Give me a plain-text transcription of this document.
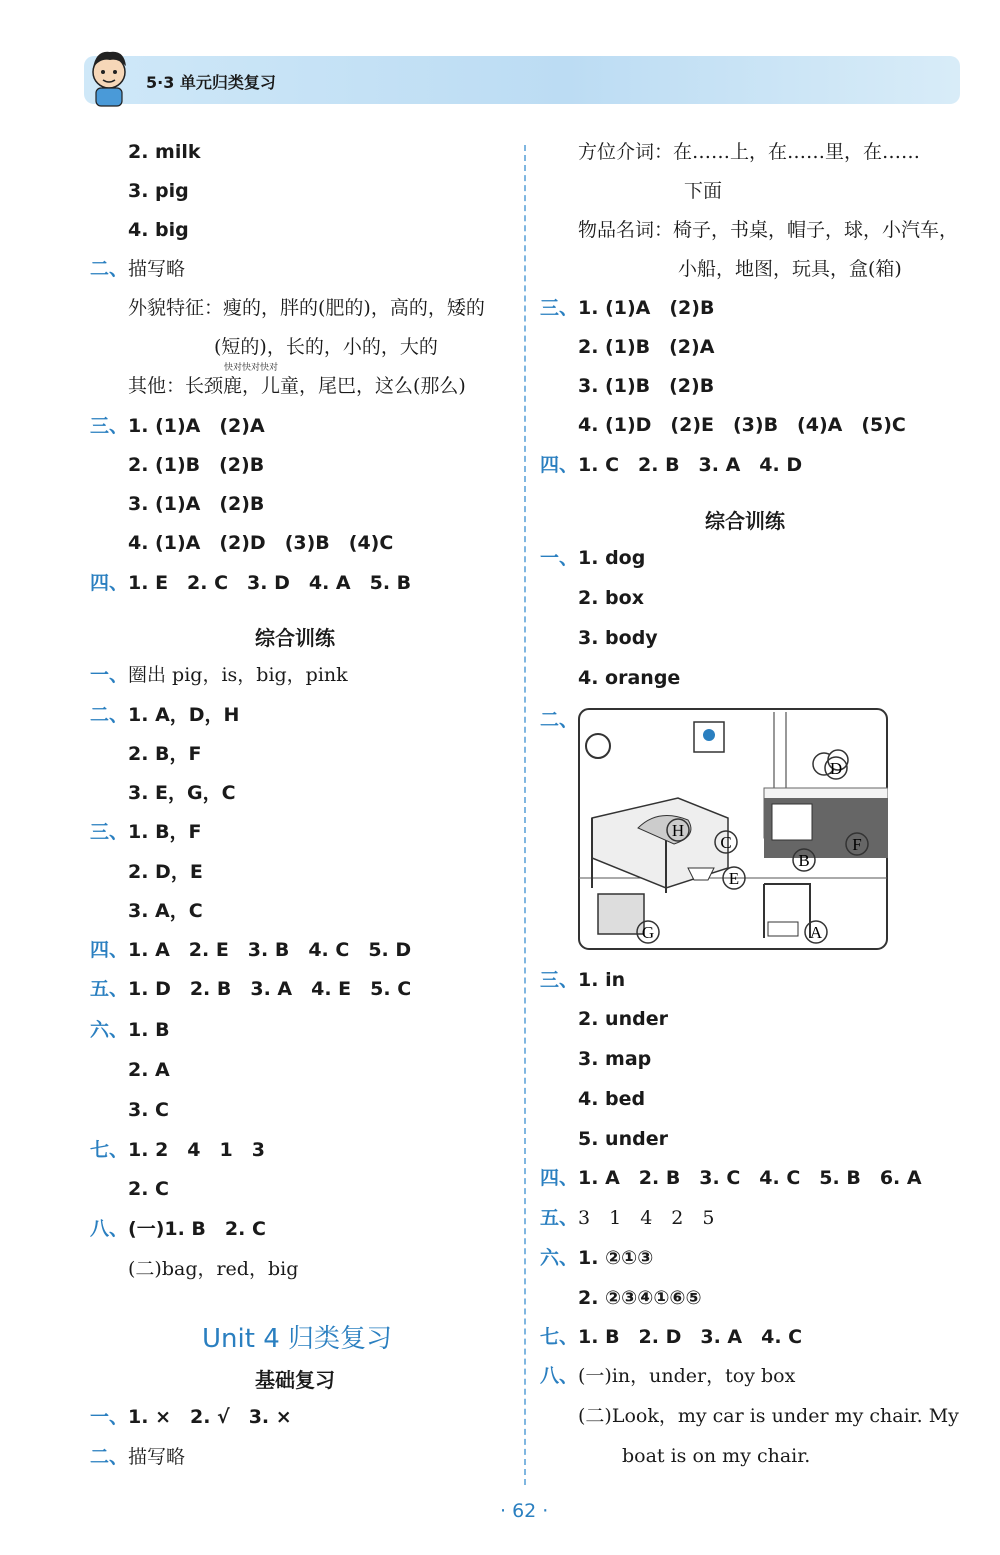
5·3 单元归类复习
2. milk
3. pig
4. big
二、描写略
外貌特征：瘦的，胖的(肥的)，高的，矮的
(短的)，长的，小的，大的
快对快对快对
其他：长颈鹿，儿童，尾巴，这么(那么)
三、1. (1)A　(2)A
2. (1)B　(2)B
3. (1)A　(2)B
4. (1)A　(2)D　(3)B　(4)C
四、1. E　2. C　3. D　4. A　5. B
综合训练
一、圈出 pig，is，big，pink
二、1. A，D，H
2. B，F
3. E，G，C
三、1. B，F
2. D，E
3. A，C
四、1. A　2. E　3. B　4. C　5. D
五、1. D　2. B　3. A　4. E　5. C
六、1. B
2. A
3. C
七、1. 2　4　1　3
2. C
八、(一)1. B　2. C
(二)bag，red，big
Unit 4 归类复习
基础复习
一、1. ×　2. √　3. ×
二、描写略
方位介词：在……上，在……里，在……
下面
物品名词：椅子，书桌，帽子，球，小汽车，
小船，地图，玩具，盒(箱)
三、1. (1)A　(2)B
2. (1)B　(2)A
3. (1)B　(2)B
4. (1)D　(2)E　(3)B　(4)A　(5)C
四、1. C　2. B　3. A　4. D
综合训练
一、1. dog
2. box
3. body
4. orange
二、
D
H
C	F
B
E
G	A
三、1. in
2. under
3. map
4. bed
5. under
四、1. A　2. B　3. C　4. C　5. B　6. A
五、3　1　4　2　5
六、1. ②①③
2. ②③④①⑥⑤
七、1. B　2. D　3. A　4. C
八、(一)in，under，toy box
(二)Look，my car is under my chair. My
boat is on my chair.
· 62 ·
